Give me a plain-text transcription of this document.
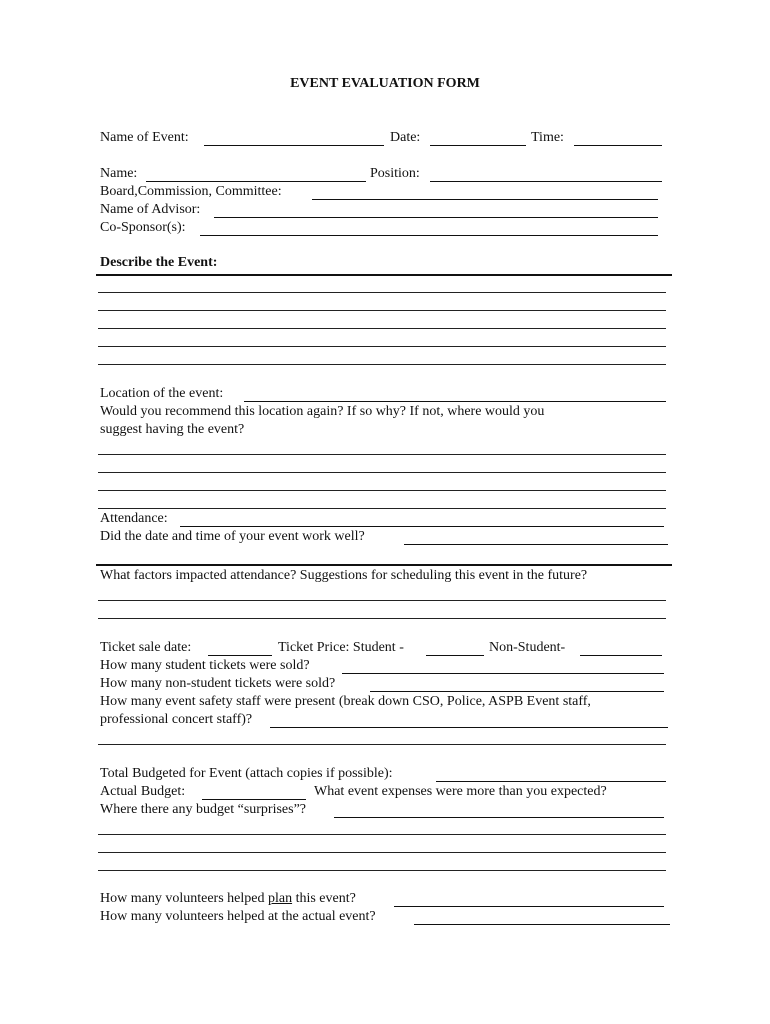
EVENT EVALUATION FORM
Name of Event:	Date:	Time:
Name:	Position:
Board,Commission, Committee:
Name of Advisor:
Co-Sponsor(s):
Describe the Event:
Location of the event:
Would you recommend this location again? If so why? If not, where would you
suggest having the event?
Attendance:
Did the date and time of your event work well?
What factors impacted attendance? Suggestions for scheduling this event in the future?
Ticket sale date:	Ticket Price: Student -	Non-Student-
How many student tickets were sold?
How many non-student tickets were sold?
How many event safety staff were present (break down CSO, Police, ASPB Event staff,
professional concert staff)?
Total Budgeted for Event (attach copies if possible):
Actual Budget:	What event expenses were more than you expected?
Where there any budget “surprises”?
How many volunteers helped plan this event?
How many volunteers helped at the actual event?
